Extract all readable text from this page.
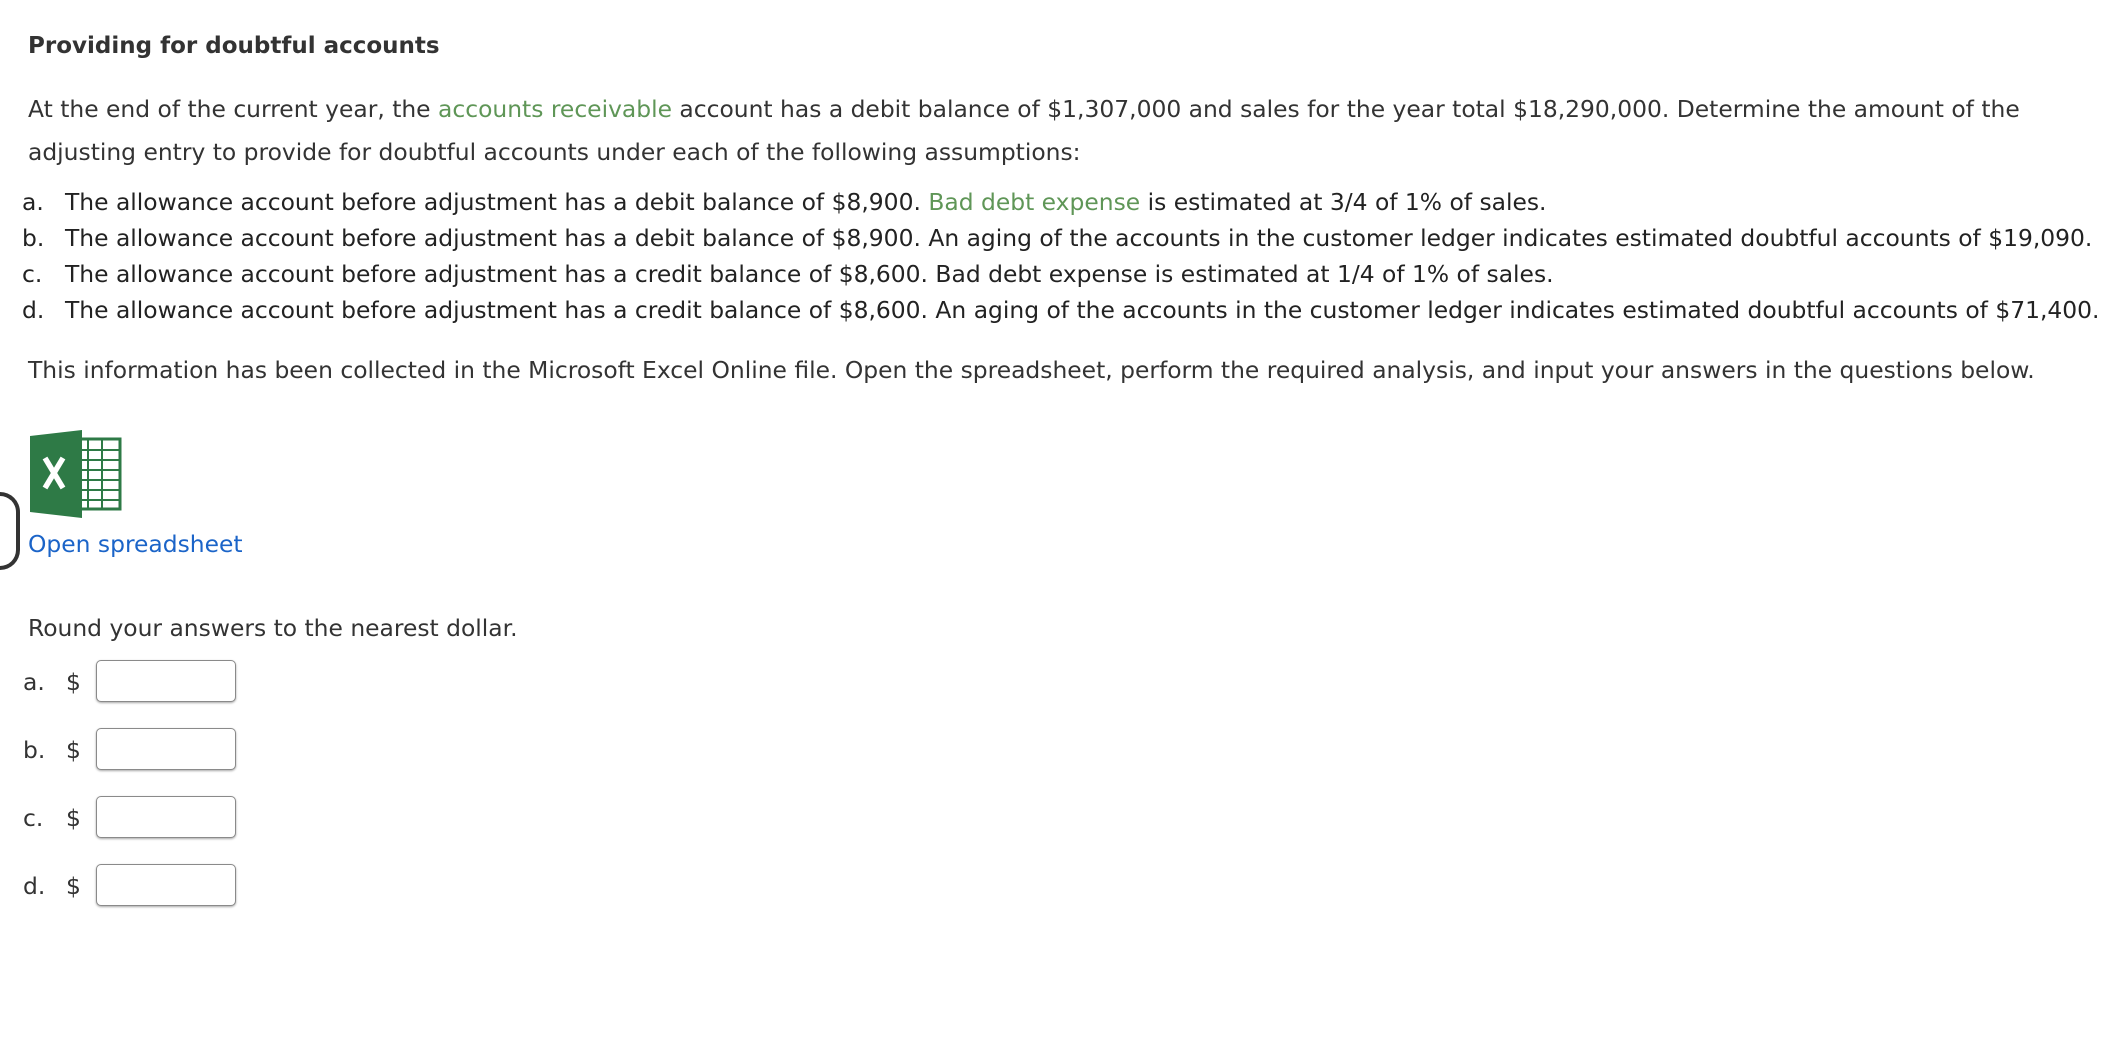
Providing for doubtful accounts

At the end of the current year, the accounts receivable account has a debit balance of $1,307,000 and sales for the year total $18,290,000. Determine the amount of the adjusting entry to provide for doubtful accounts under each of the following assumptions:

a. The allowance account before adjustment has a debit balance of $8,900. Bad debt expense is estimated at 3/4 of 1% of sales.
b. The allowance account before adjustment has a debit balance of $8,900. An aging of the accounts in the customer ledger indicates estimated doubtful accounts of $19,090.
c. The allowance account before adjustment has a credit balance of $8,600. Bad debt expense is estimated at 1/4 of 1% of sales.
d. The allowance account before adjustment has a credit balance of $8,600. An aging of the accounts in the customer ledger indicates estimated doubtful accounts of $71,400.

This information has been collected in the Microsoft Excel Online file. Open the spreadsheet, perform the required analysis, and input your answers in the questions below.

Open spreadsheet

Round your answers to the nearest dollar.

a. $
b. $
c. $
d. $
